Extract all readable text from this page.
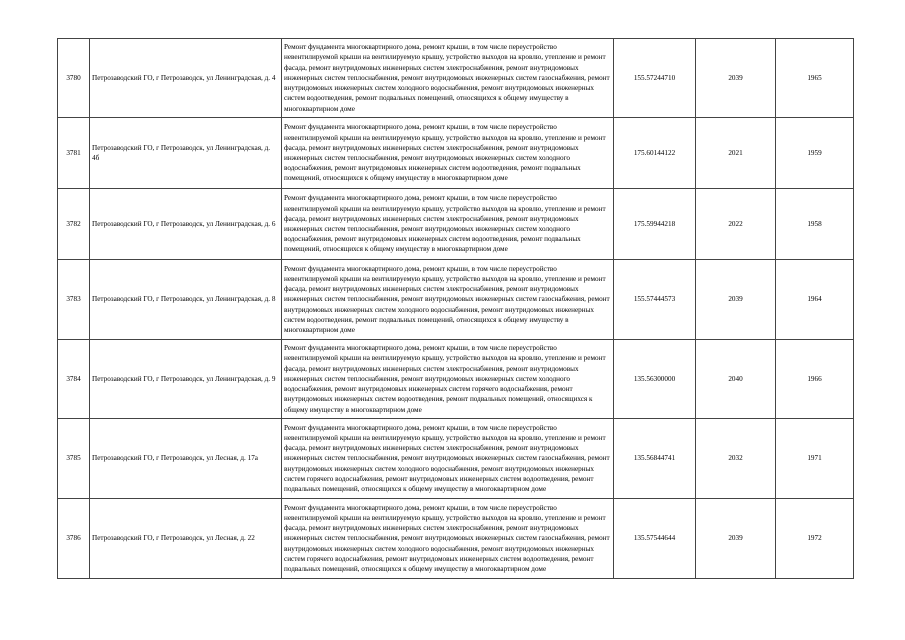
3780	Петрозаводский ГО, г Петрозаводск, ул Ленинградская, д. 4	Ремонт фундамента многоквартирного дома, ремонт крыши, в том числе переустройство невентилируемой крыши на вентилируемую крышу, устройство выходов на кровлю, утепление и ремонт фасада, ремонт внутридомовых инженерных систем электроснабжения, ремонт внутридомовых инженерных систем теплоснабжения, ремонт внутридомовых инженерных систем газоснабжения, ремонт внутридомовых инженерных систем холодного водоснабжения, ремонт внутридомовых инженерных систем водоотведения, ремонт подвальных помещений, относящихся к общему имуществу в многоквартирном доме	155.57244710	2039	1965
3781	Петрозаводский ГО, г Петрозаводск, ул Ленинградская, д. 4б	Ремонт фундамента многоквартирного дома, ремонт крыши, в том числе переустройство невентилируемой крыши на вентилируемую крышу, устройство выходов на кровлю, утепление и ремонт фасада, ремонт внутридомовых инженерных систем электроснабжения, ремонт внутридомовых инженерных систем теплоснабжения, ремонт внутридомовых инженерных систем холодного водоснабжения, ремонт внутридомовых инженерных систем водоотведения, ремонт подвальных помещений, относящихся к общему имуществу в многоквартирном доме	175.60144122	2021	1959
3782	Петрозаводский ГО, г Петрозаводск, ул Ленинградская, д. 6	Ремонт фундамента многоквартирного дома, ремонт крыши, в том числе переустройство невентилируемой крыши на вентилируемую крышу, устройство выходов на кровлю, утепление и ремонт фасада, ремонт внутридомовых инженерных систем электроснабжения, ремонт внутридомовых инженерных систем теплоснабжения, ремонт внутридомовых инженерных систем холодного водоснабжения, ремонт внутридомовых инженерных систем водоотведения, ремонт подвальных помещений, относящихся к общему имуществу в многоквартирном доме	175.59944218	2022	1958
3783	Петрозаводский ГО, г Петрозаводск, ул Ленинградская, д. 8	Ремонт фундамента многоквартирного дома, ремонт крыши, в том числе переустройство невентилируемой крыши на вентилируемую крышу, устройство выходов на кровлю, утепление и ремонт фасада, ремонт внутридомовых инженерных систем электроснабжения, ремонт внутридомовых инженерных систем теплоснабжения, ремонт внутридомовых инженерных систем газоснабжения, ремонт внутридомовых инженерных систем холодного водоснабжения, ремонт внутридомовых инженерных систем водоотведения, ремонт подвальных помещений, относящихся к общему имуществу в многоквартирном доме	155.57444573	2039	1964
3784	Петрозаводский ГО, г Петрозаводск, ул Ленинградская, д. 9	Ремонт фундамента многоквартирного дома, ремонт крыши, в том числе переустройство невентилируемой крыши на вентилируемую крышу, устройство выходов на кровлю, утепление и ремонт фасада, ремонт внутридомовых инженерных систем электроснабжения, ремонт внутридомовых инженерных систем теплоснабжения, ремонт внутридомовых инженерных систем холодного водоснабжения, ремонт внутридомовых инженерных систем горячего водоснабжения, ремонт внутридомовых инженерных систем водоотведения, ремонт подвальных помещений, относящихся к общему имуществу в многоквартирном доме	135.56300000	2040	1966
3785	Петрозаводский ГО, г Петрозаводск, ул Лесная, д. 17а	Ремонт фундамента многоквартирного дома, ремонт крыши, в том числе переустройство невентилируемой крыши на вентилируемую крышу, устройство выходов на кровлю, утепление и ремонт фасада, ремонт внутридомовых инженерных систем электроснабжения, ремонт внутридомовых инженерных систем теплоснабжения, ремонт внутридомовых инженерных систем газоснабжения, ремонт внутридомовых инженерных систем холодного водоснабжения, ремонт внутридомовых инженерных систем горячего водоснабжения, ремонт внутридомовых инженерных систем водоотведения, ремонт подвальных помещений, относящихся к общему имуществу в многоквартирном доме	135.56844741	2032	1971
3786	Петрозаводский ГО, г Петрозаводск, ул Лесная, д. 22	Ремонт фундамента многоквартирного дома, ремонт крыши, в том числе переустройство невентилируемой крыши на вентилируемую крышу, устройство выходов на кровлю, утепление и ремонт фасада, ремонт внутридомовых инженерных систем электроснабжения, ремонт внутридомовых инженерных систем теплоснабжения, ремонт внутридомовых инженерных систем газоснабжения, ремонт внутридомовых инженерных систем холодного водоснабжения, ремонт внутридомовых инженерных систем горячего водоснабжения, ремонт внутридомовых инженерных систем водоотведения, ремонт подвальных помещений, относящихся к общему имуществу в многоквартирном доме	135.57544644	2039	1972
